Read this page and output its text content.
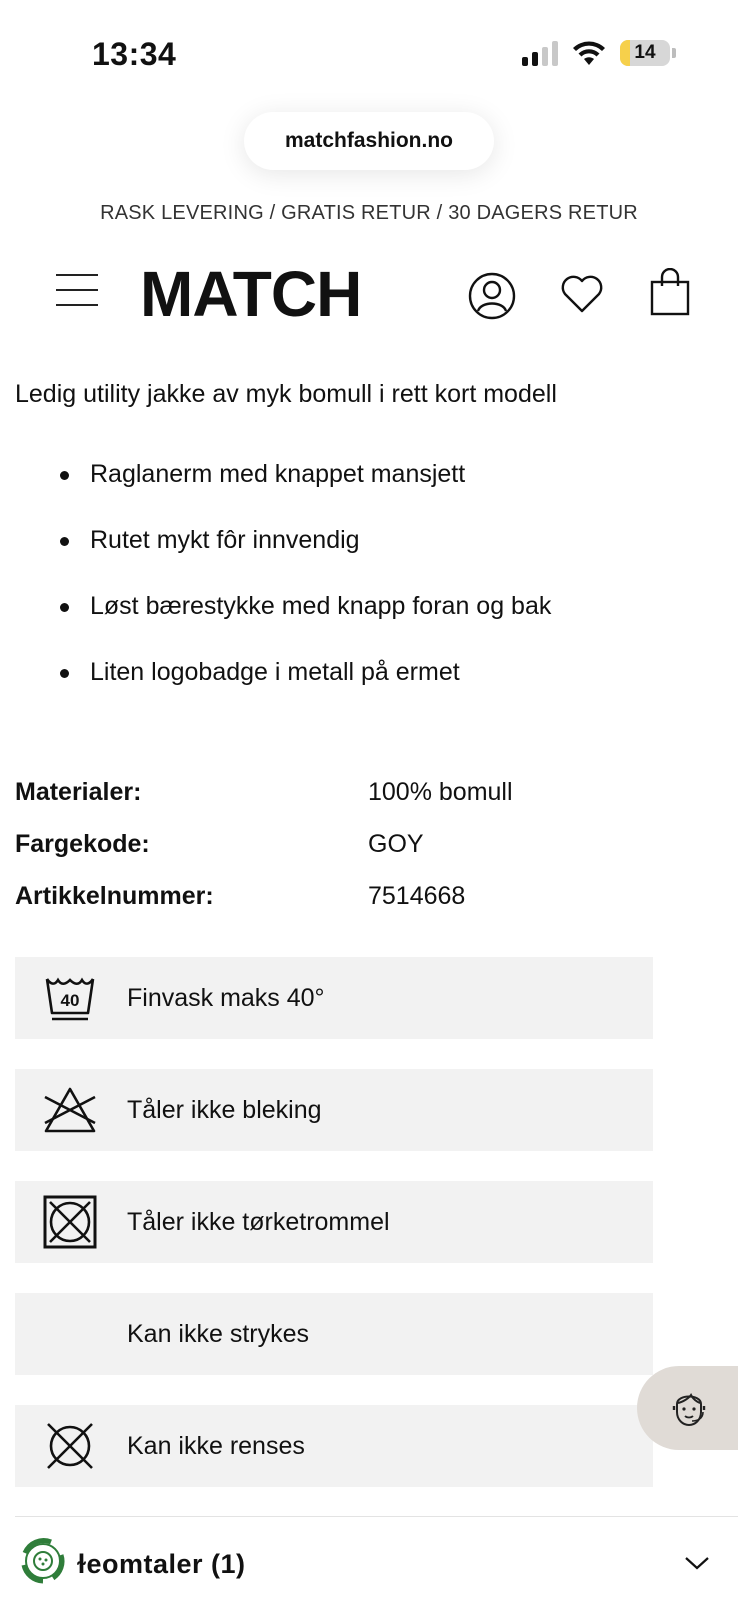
13:34	14
matchfashion.no
RASK LEVERING / GRATIS RETUR / 30 DAGERS RETUR
MATCH
Ledig utility jakke av myk bomull i rett kort modell
Raglanerm med knappet mansjett
Rutet mykt fôr innvendig
Løst bærestykke med knapp foran og bak
Liten logobadge i metall på ermet
Materialer:	100% bomull
Fargekode:	GOY
Artikkelnummer:	7514668
40 Finvask maks 40°
Tåler ikke bleking
Tåler ikke tørketrommel
Kan ikke strykes
Kan ikke renses
ɫeomtaler (1)
